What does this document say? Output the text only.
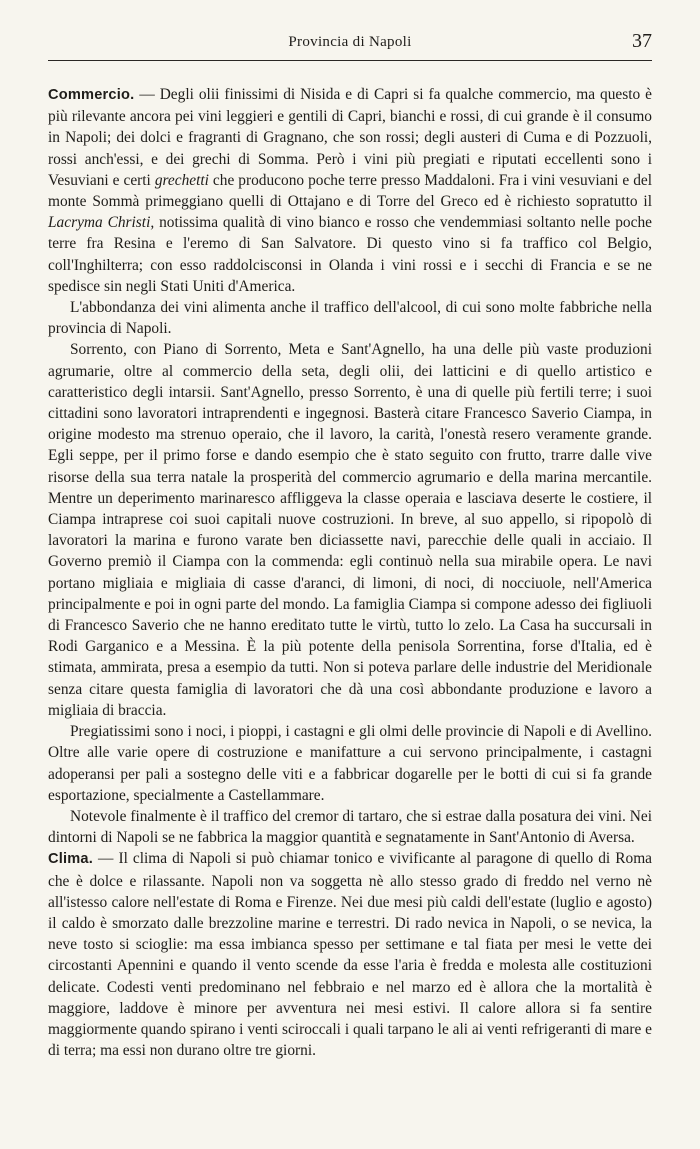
Provincia di Napoli	37

Commercio. — Degli olii finissimi di Nisida e di Capri si fa qualche commercio, ma questo è più rilevante ancora pei vini leggieri e gentili di Capri, bianchi e rossi, di cui grande è il consumo in Napoli; dei dolci e fragranti di Gragnano, che son rossi; degli austeri di Cuma e di Pozzuoli, rossi anch'essi, e dei grechi di Somma. Però i vini più pregiati e riputati eccellenti sono i Vesuviani e certi grechetti che producono poche terre presso Maddaloni. Fra i vini vesuviani e del monte Sommà primeggiano quelli di Ottajano e di Torre del Greco ed è richiesto sopratutto il Lacryma Christi, notissima qualità di vino bianco e rosso che vendemmiasi soltanto nelle poche terre fra Resina e l'eremo di San Salvatore. Di questo vino si fa traffico col Belgio, coll'Inghilterra; con esso raddolcisconsi in Olanda i vini rossi e i secchi di Francia e se ne spedisce sin negli Stati Uniti d'America.

L'abbondanza dei vini alimenta anche il traffico dell'alcool, di cui sono molte fabbriche nella provincia di Napoli.

Sorrento, con Piano di Sorrento, Meta e Sant'Agnello, ha una delle più vaste produzioni agrumarie, oltre al commercio della seta, degli olii, dei latticini e di quello artistico e caratteristico degli intarsii. Sant'Agnello, presso Sorrento, è una di quelle più fertili terre; i suoi cittadini sono lavoratori intraprendenti e ingegnosi. Basterà citare Francesco Saverio Ciampa, in origine modesto ma strenuo operaio, che il lavoro, la carità, l'onestà resero veramente grande. Egli seppe, per il primo forse e dando esempio che è stato seguito con frutto, trarre dalle vive risorse della sua terra natale la prosperità del commercio agrumario e della marina mercantile. Mentre un deperimento marinaresco affliggeva la classe operaia e lasciava deserte le costiere, il Ciampa intraprese coi suoi capitali nuove costruzioni. In breve, al suo appello, si ripopolò di lavoratori la marina e furono varate ben diciassette navi, parecchie delle quali in acciaio. Il Governo premiò il Ciampa con la commenda: egli continuò nella sua mirabile opera. Le navi portano migliaia e migliaia di casse d'aranci, di limoni, di noci, di nocciuole, nell'America principalmente e poi in ogni parte del mondo. La famiglia Ciampa si compone adesso dei figliuoli di Francesco Saverio che ne hanno ereditato tutte le virtù, tutto lo zelo. La Casa ha succursali in Rodi Garganico e a Messina. È la più potente della penisola Sorrentina, forse d'Italia, ed è stimata, ammirata, presa a esempio da tutti. Non si poteva parlare delle industrie del Meridionale senza citare questa famiglia di lavoratori che dà una così abbondante produzione e lavoro a migliaia di braccia.

Pregiatissimi sono i noci, i pioppi, i castagni e gli olmi delle provincie di Napoli e di Avellino. Oltre alle varie opere di costruzione e manifatture a cui servono principalmente, i castagni adoperansi per pali a sostegno delle viti e a fabbricar dogarelle per le botti di cui si fa grande esportazione, specialmente a Castellammare.

Notevole finalmente è il traffico del cremor di tartaro, che si estrae dalla posatura dei vini. Nei dintorni di Napoli se ne fabbrica la maggior quantità e segnatamente in Sant'Antonio di Aversa.

Clima. — Il clima di Napoli si può chiamar tonico e vivificante al paragone di quello di Roma che è dolce e rilassante. Napoli non va soggetta nè allo stesso grado di freddo nel verno nè all'istesso calore nell'estate di Roma e Firenze. Nei due mesi più caldi dell'estate (luglio e agosto) il caldo è smorzato dalle brezzoline marine e terrestri. Di rado nevica in Napoli, o se nevica, la neve tosto si scioglie: ma essa imbianca spesso per settimane e tal fiata per mesi le vette dei circostanti Apennini e quando il vento scende da esse l'aria è fredda e molesta alle costituzioni delicate. Codesti venti predominano nel febbraio e nel marzo ed è allora che la mortalità è maggiore, laddove è minore per avventura nei mesi estivi. Il calore allora si fa sentire maggiormente quando spirano i venti sciroccali i quali tarpano le ali ai venti refrigeranti di mare e di terra; ma essi non durano oltre tre giorni.
